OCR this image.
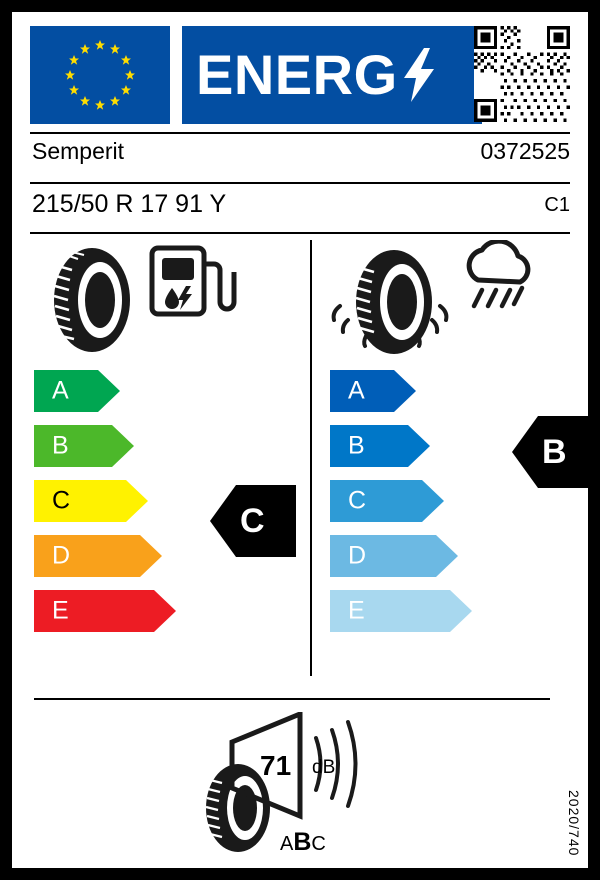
ENERG
Semperit	0372525
215/50 R 17 91 Y	C1
A
B
C
D
E
C
A
B
C
D
E
B
71 dB
ABC	2020/740
